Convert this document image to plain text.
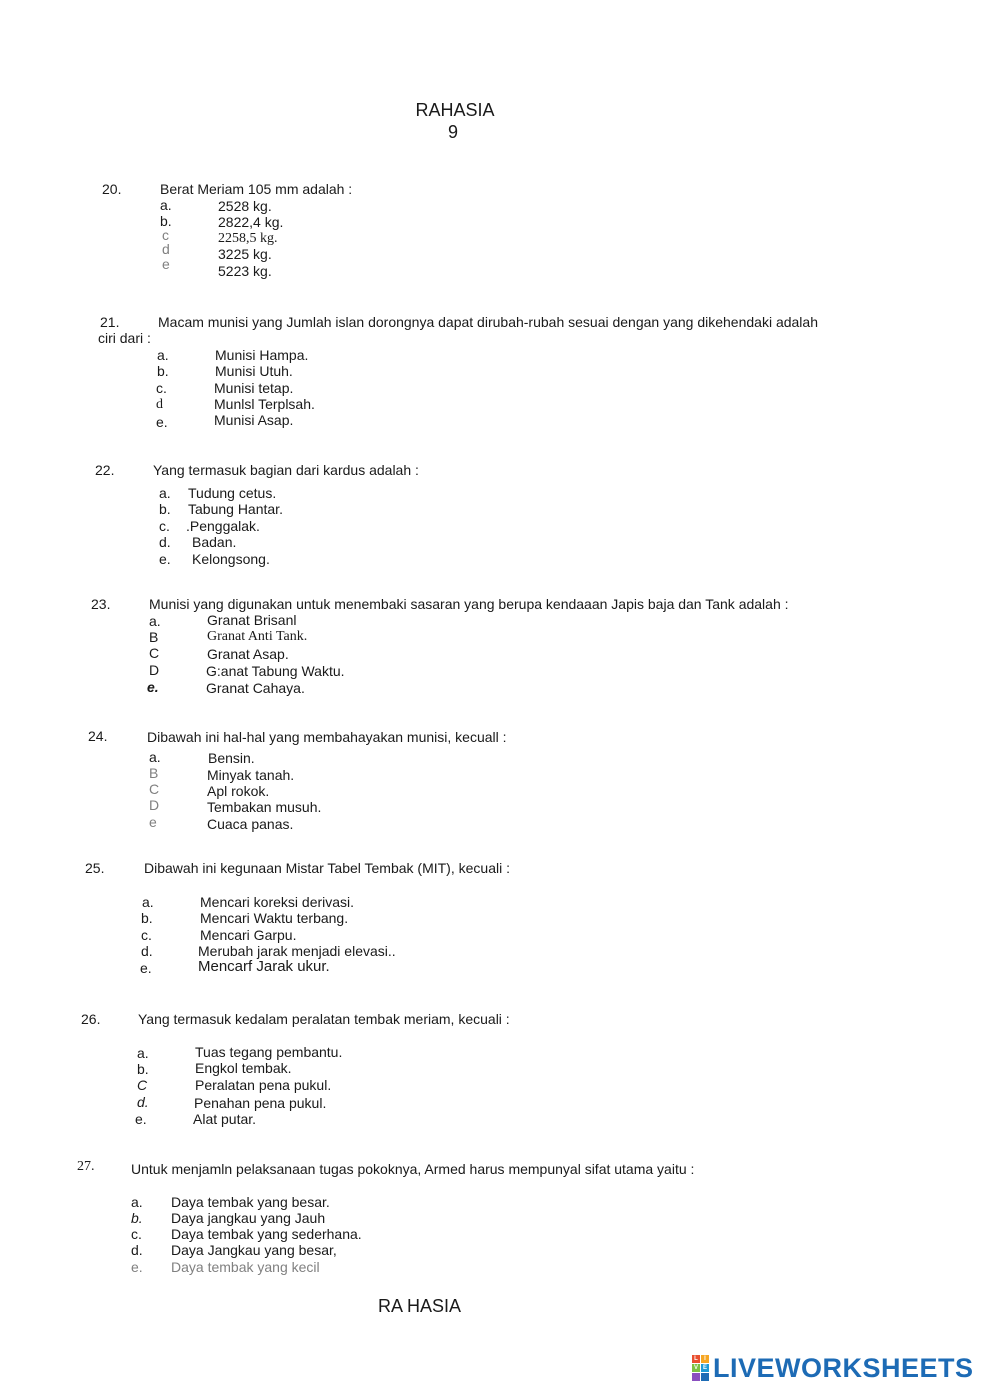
RAHASIA
9
20.	Berat Meriam 105 mm adalah :
a.	2528 kg.
b.	2822,4 kg.
c	2258,5 kg.
d	3225 kg.
e	5223 kg.
21.	Macam munisi yang Jumlah islan dorongnya dapat dirubah-rubah sesuai dengan yang dikehendaki adalah
ciri dari :
a.	Munisi Hampa.
b.	Munisi Utuh.
c.	Munisi tetap.
d	Munlsl Terplsah.
e.	Munisi Asap.
22.	Yang termasuk bagian dari kardus adalah :
a. Tudung cetus.
b. Tabung Hantar.
c. .Penggalak.
d. Badan.
e. Kelongsong.
23.	Munisi yang digunakan untuk menembaki sasaran yang berupa kendaaan Japis baja dan Tank adalah :
a.	Granat Brisanl
B	Granat Anti Tank.
C	Granat Asap.
D	G:anat Tabung Waktu.
e.	Granat Cahaya.
24.	Dibawah ini hal-hal yang membahayakan munisi, kecuall :
a.	Bensin.
B	Minyak tanah.
C	Apl rokok.
D	Tembakan musuh.
e	Cuaca panas.
25.	Dibawah ini kegunaan Mistar Tabel Tembak (MIT), kecuali :
a.	Mencari koreksi derivasi.
b.	Mencari Waktu terbang.
c.	Mencari Garpu.
d.	Merubah jarak menjadi elevasi..
e.	Mencarf Jarak ukur.
26.	Yang termasuk kedalam peralatan tembak meriam, kecuali :
a.	Tuas tegang pembantu.
b.	Engkol tembak.
C	Peralatan pena pukul.
d.	Penahan pena pukul.
e.	Alat putar.
27.	Untuk menjamln pelaksanaan tugas pokoknya, Armed harus mempunyal sifat utama yaitu :
a. Daya tembak yang besar.
b. Daya jangkau yang Jauh
c. Daya tembak yang sederhana.
d. Daya Jangkau yang besar,
e. Daya tembak yang kecil
RA HASIA
L	I
V E LIVEWORKSHEETS
